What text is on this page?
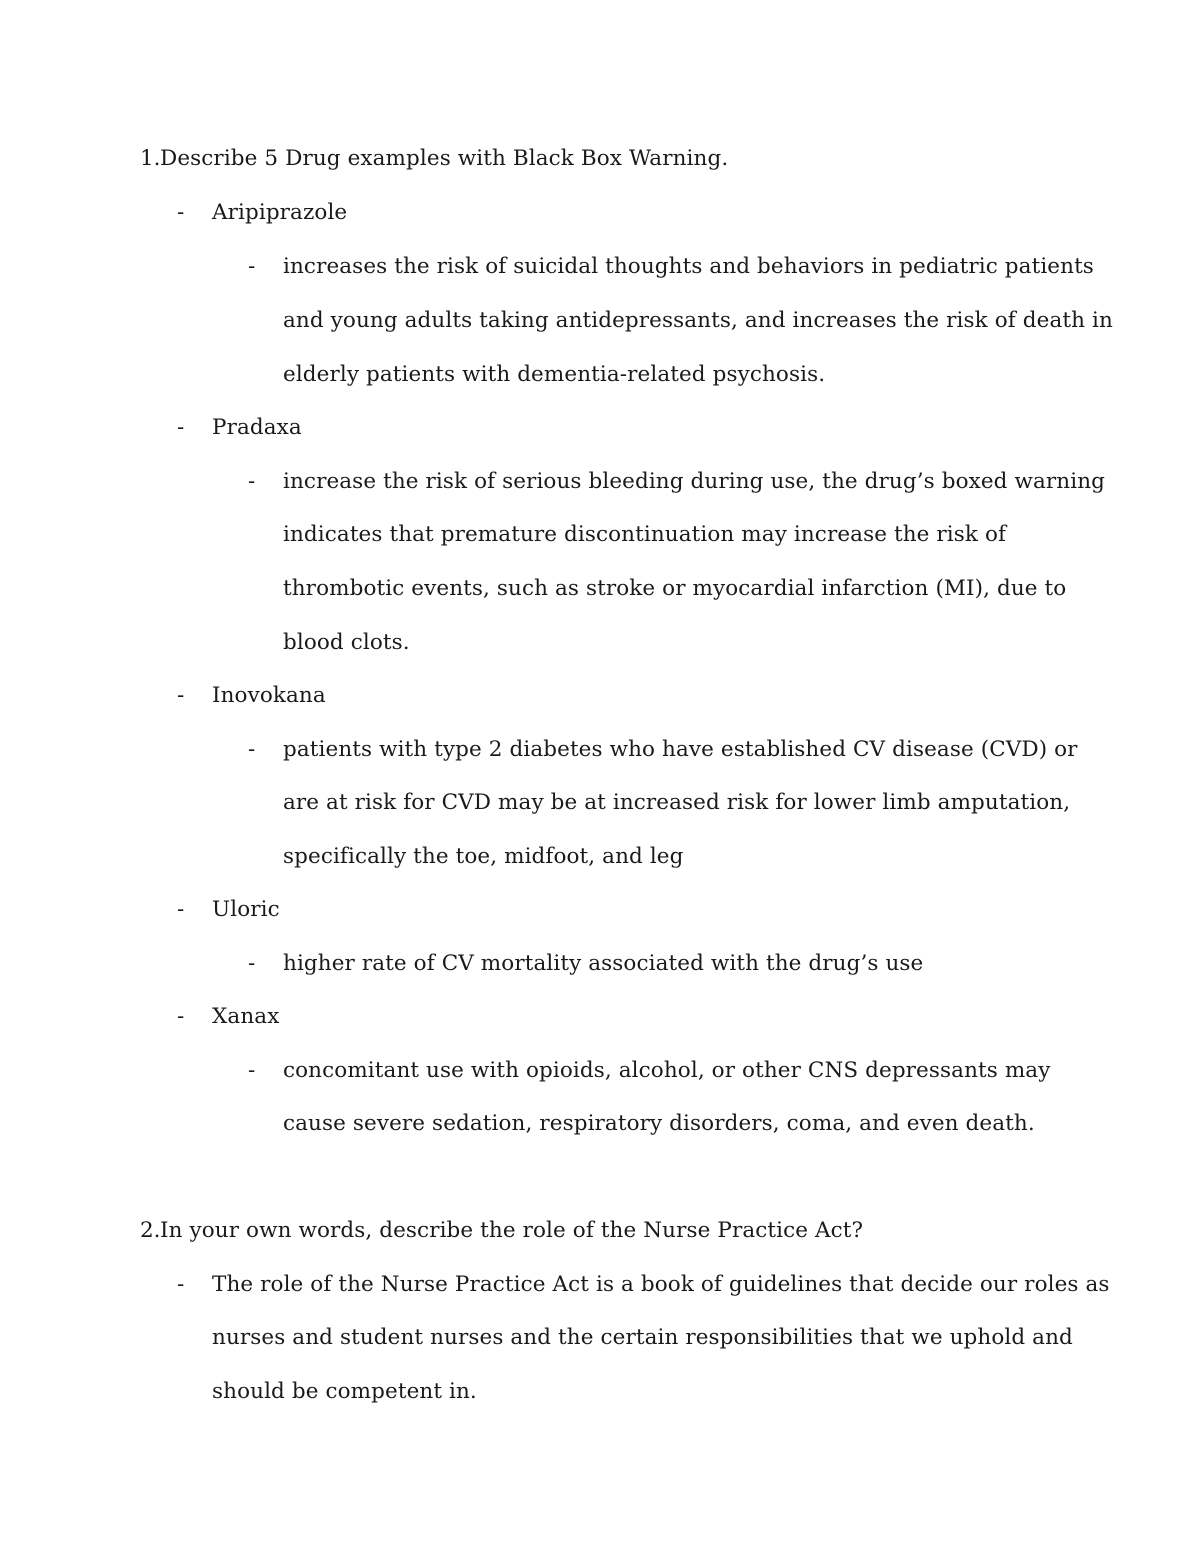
1. Describe 5 Drug examples with Black Box Warning.
- Aripiprazole
- increases the risk of suicidal thoughts and behaviors in pediatric patients
and young adults taking antidepressants, and increases the risk of death in
elderly patients with dementia-related psychosis.
- Pradaxa
- increase the risk of serious bleeding during use, the drug’s boxed warning
indicates that premature discontinuation may increase the risk of
thrombotic events, such as stroke or myocardial infarction (MI), due to
blood clots.
- Inovokana
- patients with type 2 diabetes who have established CV disease (CVD) or
are at risk for CVD may be at increased risk for lower limb amputation,
specifically the toe, midfoot, and leg
- Uloric
- higher rate of CV mortality associated with the drug’s use
- Xanax
- concomitant use with opioids, alcohol, or other CNS depressants may
cause severe sedation, respiratory disorders, coma, and even death.
2. In your own words, describe the role of the Nurse Practice Act?
- The role of the Nurse Practice Act is a book of guidelines that decide our roles as
nurses and student nurses and the certain responsibilities that we uphold and
should be competent in.
